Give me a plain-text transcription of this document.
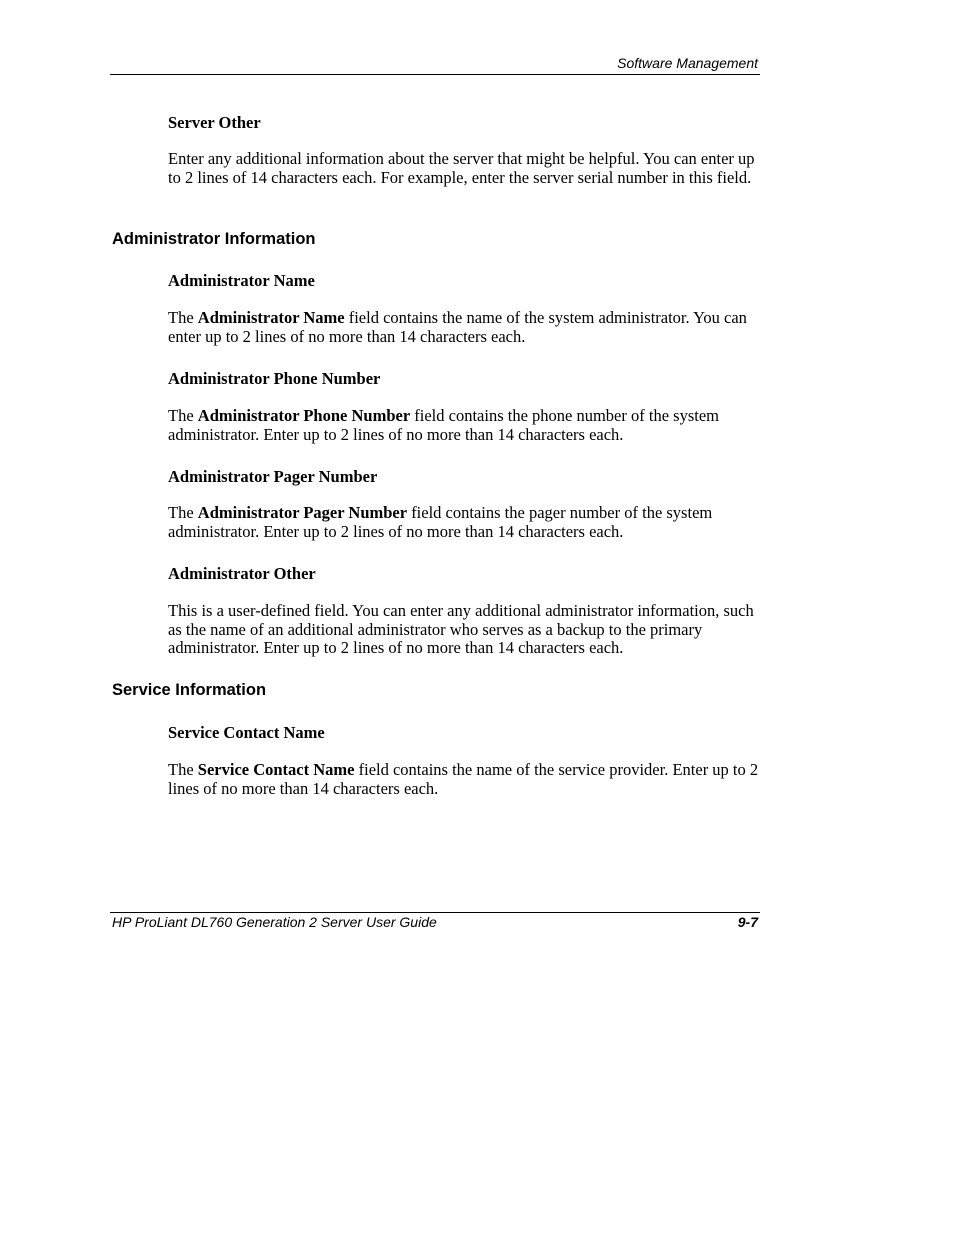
Software Management
Server Other

Enter any additional information about the server that might be helpful. You can enter up to 2 lines of 14 characters each. For example, enter the server serial number in this field.

Administrator Information
Administrator Name

The Administrator Name field contains the name of the system administrator. You can enter up to 2 lines of no more than 14 characters each.

Administrator Phone Number

The Administrator Phone Number field contains the phone number of the system administrator. Enter up to 2 lines of no more than 14 characters each.

Administrator Pager Number

The Administrator Pager Number field contains the pager number of the system administrator. Enter up to 2 lines of no more than 14 characters each.

Administrator Other

This is a user-defined field. You can enter any additional administrator information, such as the name of an additional administrator who serves as a backup to the primary administrator. Enter up to 2 lines of no more than 14 characters each.

Service Information
Service Contact Name

The Service Contact Name field contains the name of the service provider. Enter up to 2 lines of no more than 14 characters each.

HP ProLiant DL760 Generation 2 Server User Guide	9-7
